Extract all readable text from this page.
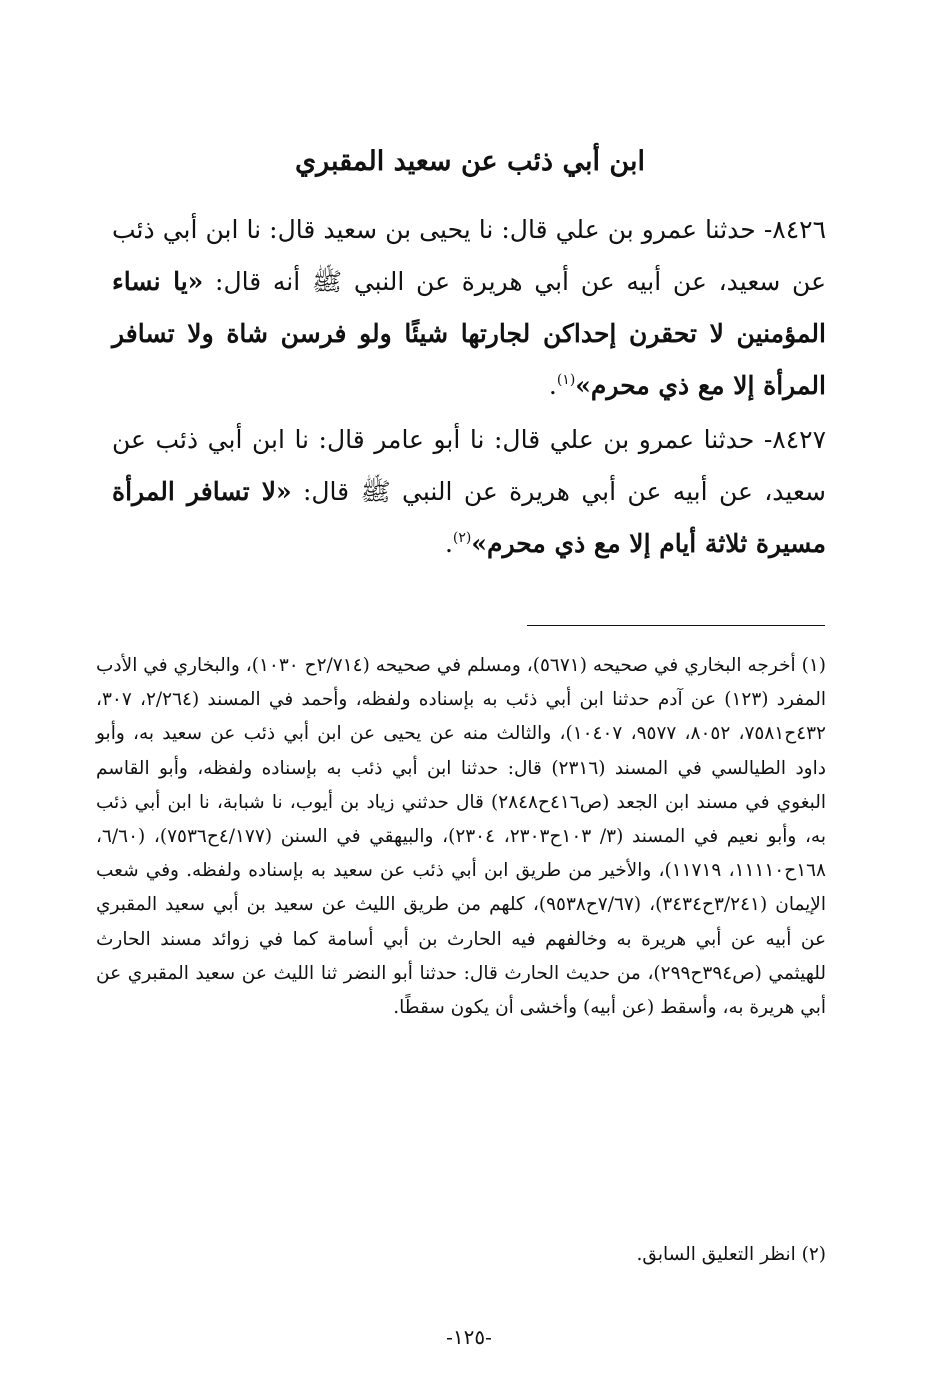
ابن أبي ذئب عن سعيد المقبري

٨٤٢٦- حدثنا عمرو بن علي قال: نا يحيى بن سعيد قال: نا ابن أبي ذئب عن سعيد، عن أبيه عن أبي هريرة عن النبي ﷺ أنه قال: «يا نساء المؤمنين لا تحقرن إحداكن لجارتها شيئًا ولو فرسن شاة ولا تسافر المرأة إلا مع ذي محرم»$^{(١)}$.

٨٤٢٧- حدثنا عمرو بن علي قال: نا أبو عامر قال: نا ابن أبي ذئب عن سعيد، عن أبيه عن أبي هريرة عن النبي ﷺ قال: «لا تسافر المرأة مسيرة ثلاثة أيام إلا مع ذي محرم»$^{(٢)}$.

(١) أخرجه البخاري في صحيحه (٥٦٧١)، ومسلم في صحيحه (٢/٧١٤ح ١٠٣٠)، والبخاري في الأدب المفرد (١٢٣) عن آدم حدثنا ابن أبي ذئب به بإسناده ولفظه، وأحمد في المسند (٢/٢٦٤، ٣٠٧، ٤٣٢ح٧٥٨١، ٨٠٥٢، ٩٥٧٧، ١٠٤٠٧)، والثالث منه عن يحيى عن ابن أبي ذئب عن سعيد به، وأبو داود الطيالسي في المسند (٢٣١٦) قال: حدثنا ابن أبي ذئب به بإسناده ولفظه، وأبو القاسم البغوي في مسند ابن الجعد (ص٤١٦ح٢٨٤٨) قال حدثني زياد بن أيوب، نا شبابة، نا ابن أبي ذئب به، وأبو نعيم في المسند (٣/ ١٠٣ح٢٣٠٣، ٢٣٠٤)، والبيهقي في السنن (٤/١٧٧ح٧٥٣٦)، (٦/٦٠، ١٦٨ح١١١١٠، ١١٧١٩)، والأخير من طريق ابن أبي ذئب عن سعيد به بإسناده ولفظه. وفي شعب الإيمان (٣/٢٤١ح٣٤٣٤)، (٧/٦٧ح٩٥٣٨)، كلهم من طريق الليث عن سعيد بن أبي سعيد المقبري عن أبيه عن أبي هريرة به وخالفهم فيه الحارث بن أبي أسامة كما في زوائد مسند الحارث للهيثمي (ص٣٩٤ح٢٩٩)، من حديث الحارث قال: حدثنا أبو النضر ثنا الليث عن سعيد المقبري عن أبي هريرة به، وأسقط (عن أبيه) وأخشى أن يكون سقطًا.

(٢) انظر التعليق السابق.

-١٢٥-
